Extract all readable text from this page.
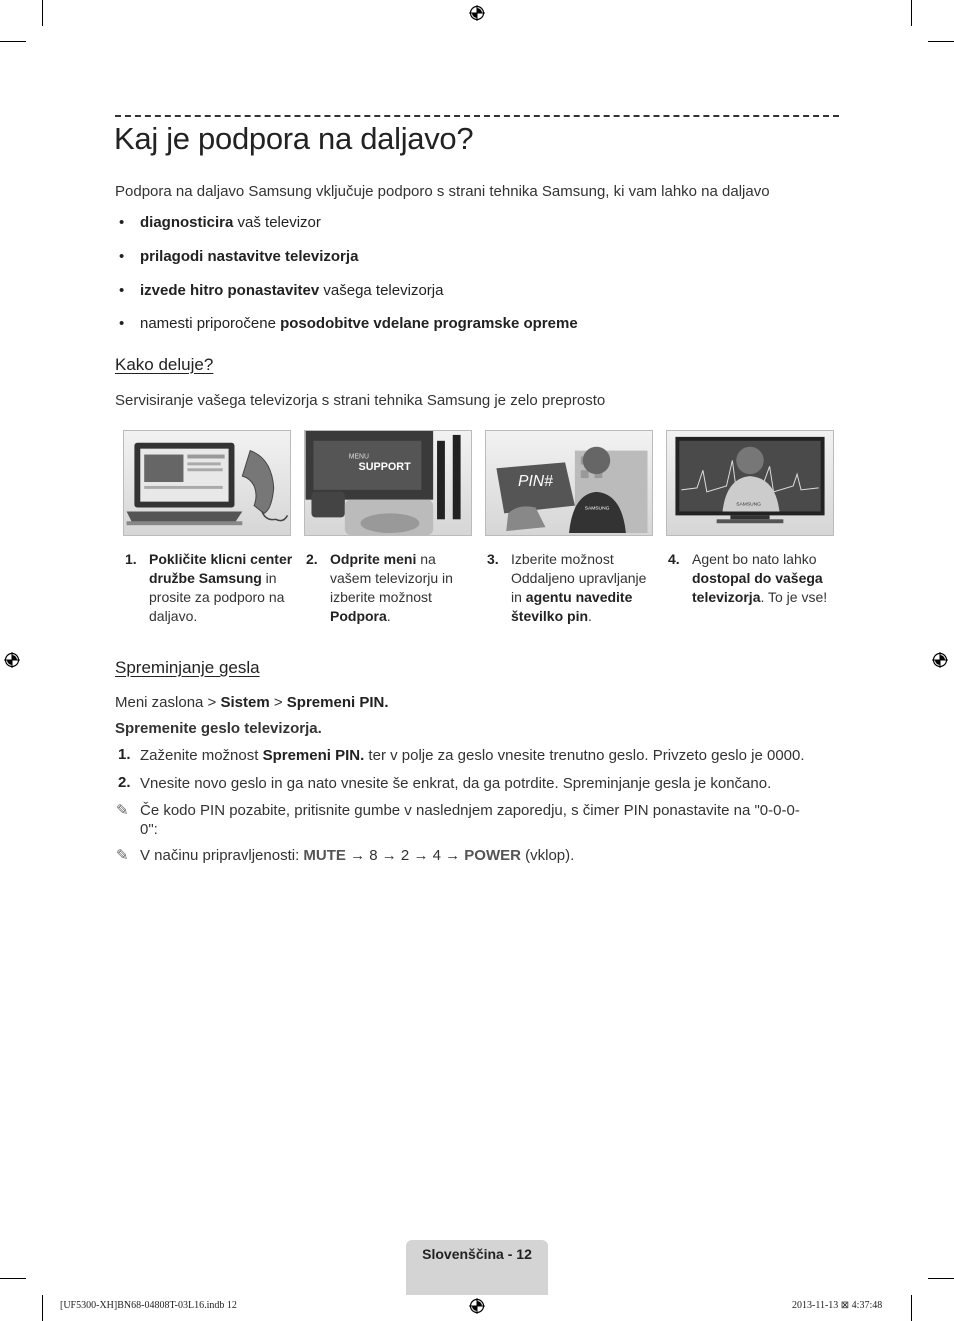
Kaj je podpora na daljavo?

Podpora na daljavo Samsung vključuje podporo s strani tehnika Samsung, ki vam lahko na daljavo

• diagnosticira vaš televizor
• prilagodi nastavitve televizorja
• izvede hitro ponastavitev vašega televizorja
• namesti priporočene posodobitve vdelane programske opreme
Kako deluje?

Servisiranje vašega televizorja s strani tehnika Samsung je zelo preprosto

MENU
SUPPORT
PIN#
SAMSUNG
SAMSUNG
1. Pokličite klicni center družbe Samsung in prosite za podporo na daljavo.
2. Odprite meni na vašem televizorju in izberite možnost Podpora.
3. Izberite možnost Oddaljeno upravljanje in agentu navedite številko pin.
4. Agent bo nato lahko dostopal do vašega televizorja. To je vse!
Spreminjanje gesla
Meni zaslona > Sistem > Spremeni PIN.
Spremenite geslo televizorja.
1. Zaženite možnost Spremeni PIN. ter v polje za geslo vnesite trenutno geslo. Privzeto geslo je 0000.
2. Vnesite novo geslo in ga nato vnesite še enkrat, da ga potrdite. Spreminjanje gesla je končano.
✎ Če kodo PIN pozabite, pritisnite gumbe v naslednjem zaporedju, s čimer PIN ponastavite na "0-0-0-
0":
✎ V načinu pripravljenosti: MUTE → 8 → 2 → 4 → POWER (vklop).
Slovenščina - 12
[UF5300-XH]BN68-04808T-03L16.indb 12	2013-11-13 ⊠ 4:37:48
